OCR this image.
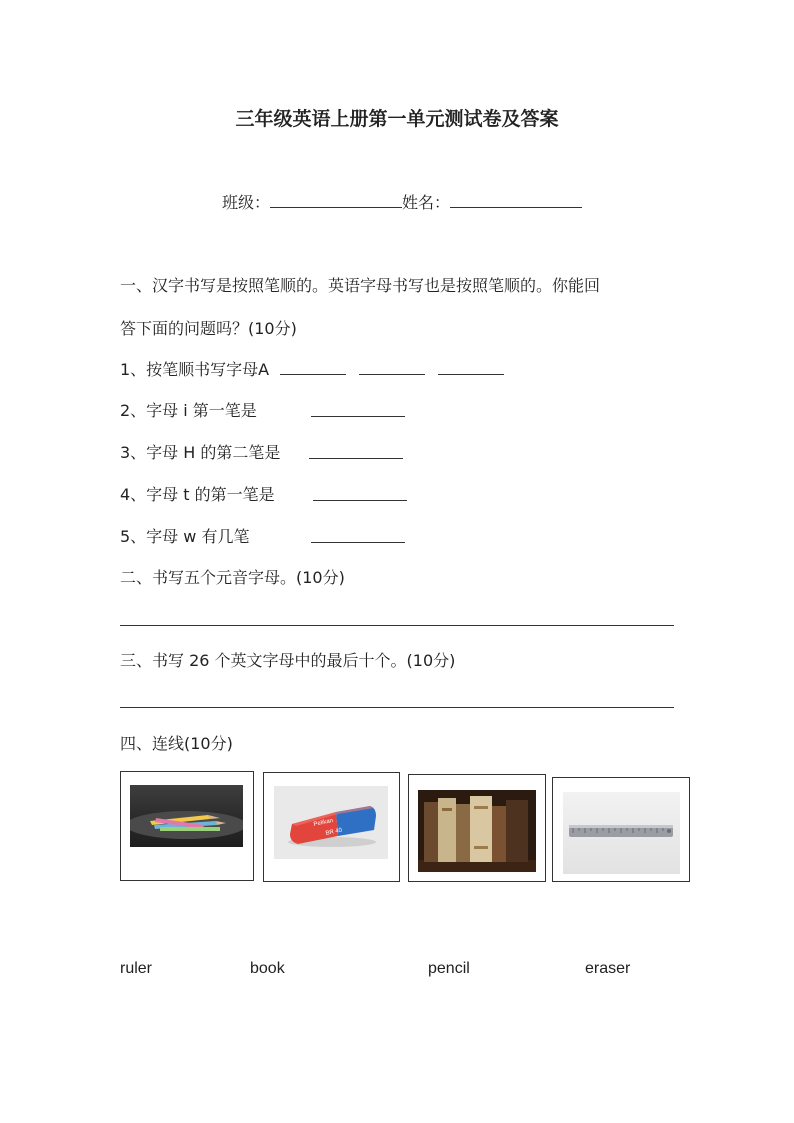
三年级英语上册第一单元测试卷及答案
班级：	姓名：
一、汉字书写是按照笔顺的。英语字母书写也是按照笔顺的。你能回
答下面的问题吗？(10分)
1、按笔顺书写字母A
2、字母 i 第一笔是
3、字母 H 的第二笔是
4、字母 t 的第一笔是
5、字母 w 有几笔
二、书写五个元音字母。(10分)
三、书写 26 个英文字母中的最后十个。(10分)
四、连线(10分)
Pelikan
BR 40
ruler	book	pencil	eraser
